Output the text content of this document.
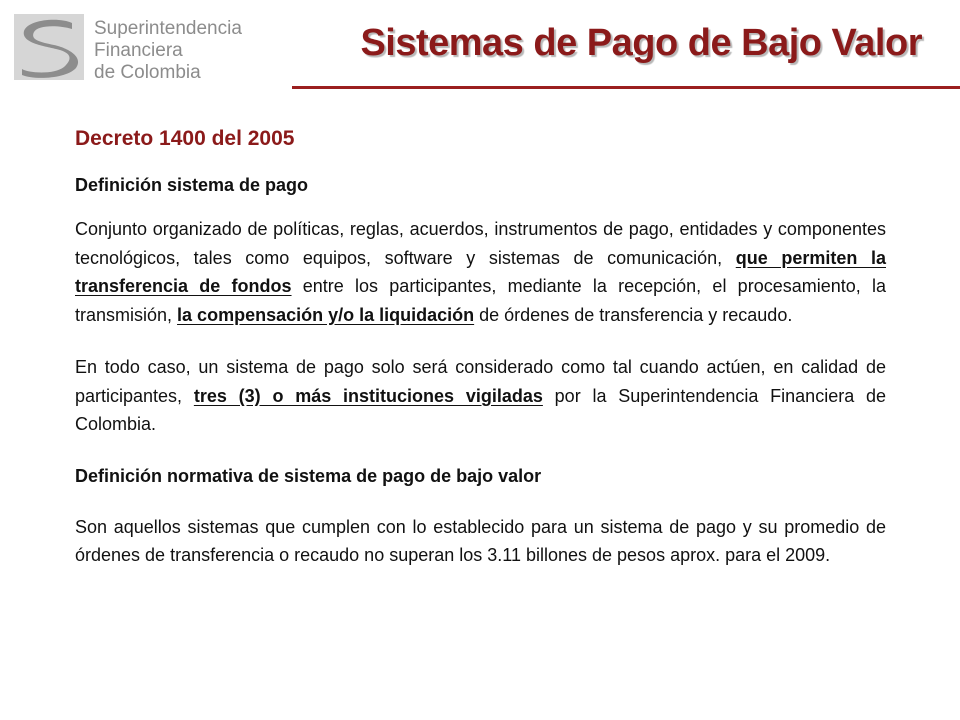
Superintendencia
Financiera
de Colombia
Sistemas de Pago de Bajo Valor

Decreto 1400 del 2005

Definición sistema de pago

Conjunto organizado de políticas, reglas, acuerdos, instrumentos de pago, entidades y componentes tecnológicos, tales como equipos, software y sistemas de comunicación, que permiten la transferencia de fondos entre los participantes, mediante la recepción, el procesamiento, la transmisión, la compensación y/o la liquidación de órdenes de transferencia y recaudo.

En todo caso, un sistema de pago solo será considerado como tal cuando actúen, en calidad de participantes, tres (3) o más instituciones vigiladas por la Superintendencia Financiera de Colombia.

Definición normativa de sistema de pago de bajo valor

Son aquellos sistemas que cumplen con lo establecido para un sistema de pago y su promedio de órdenes de transferencia o recaudo no superan los 3.11 billones de pesos aprox. para el 2009.
